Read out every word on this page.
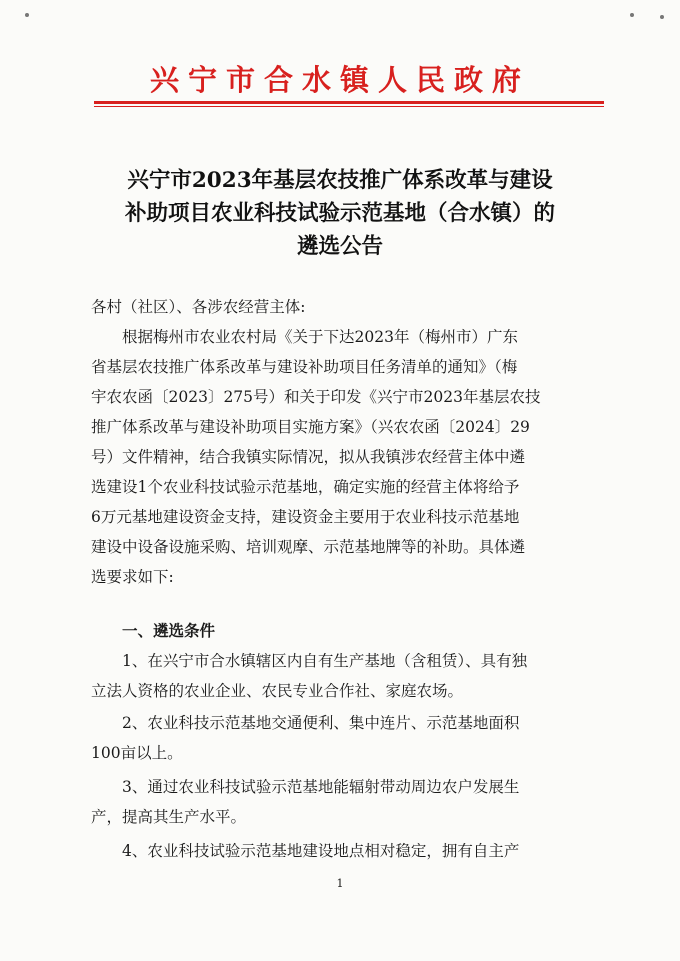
兴宁市合水镇人民政府
兴宁市2023年基层农技推广体系改革与建设
补助项目农业科技试验示范基地（合水镇）的
遴选公告
各村（社区）、各涉农经营主体:
　　根据梅州市农业农村局《关于下达2023年（梅州市）广东
省基层农技推广体系改革与建设补助项目任务清单的通知》（梅
宇农农函〔2023〕275号）和关于印发《兴宁市2023年基层农技
推广体系改革与建设补助项目实施方案》（兴农农函〔2024〕29
号）文件精神，结合我镇实际情况，拟从我镇涉农经营主体中遴
选建设1个农业科技试验示范基地，确定实施的经营主体将给予
6万元基地建设资金支持，建设资金主要用于农业科技示范基地
建设中设备设施采购、培训观摩、示范基地牌等的补助。具体遴
选要求如下:
　　一、遴选条件
　　1、在兴宁市合水镇辖区内自有生产基地（含租赁）、具有独
立法人资格的农业企业、农民专业合作社、家庭农场。
　　2、农业科技示范基地交通便利、集中连片、示范基地面积
100亩以上。
　　3、通过农业科技试验示范基地能辐射带动周边农户发展生
产，提高其生产水平。
　　4、农业科技试验示范基地建设地点相对稳定，拥有自主产
1
